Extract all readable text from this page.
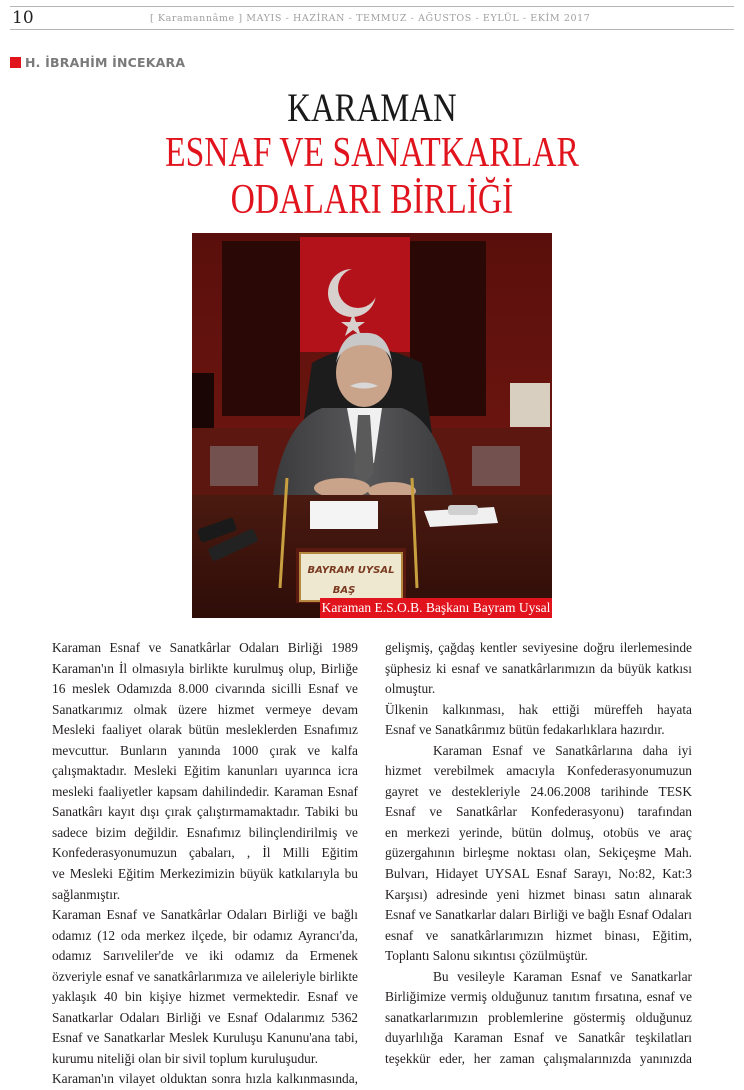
10	[ Karamannâme ] MAYIS - HAZİRAN - TEMMUZ - AĞUSTOS - EYLÜL - EKİM 2017
H. İBRAHİM İNCEKARA
KARAMAN
ESNAF VE SANATKARLAR
ODALARI BİRLİĞİ
BAYRAM UYSAL
BAŞ
Karaman E.S.O.B. Başkanı Bayram Uysal
Karaman Esnaf ve Sanatkârlar Odaları Birliği 1989
Karaman'ın İl olmasıyla birlikte kurulmuş olup, Birliğe
16 meslek Odamızda 8.000 civarında sicilli Esnaf ve
Sanatkarımız olmak üzere hizmet vermeye devam
Mesleki faaliyet olarak bütün mesleklerden Esnafımız
mevcuttur. Bunların yanında 1000 çırak ve kalfa
çalışmaktadır. Mesleki Eğitim kanunları uyarınca icra
mesleki faaliyetler kapsam dahilindedir. Karaman Esnaf
Sanatkârı kayıt dışı çırak çalıştırmamaktadır. Tabiki bu
sadece bizim değildir. Esnafımız bilinçlendirilmiş ve
Konfederasyonumuzun çabaları, , İl Milli Eğitim
ve Mesleki Eğitim Merkezimizin büyük katkılarıyla bu
sağlanmıştır.
Karaman Esnaf ve Sanatkârlar Odaları Birliği ve bağlı
odamız (12 oda merkez ilçede, bir odamız Ayrancı'da,
odamız Sarıveliler'de ve iki odamız da Ermenek
özveriyle esnaf ve sanatkârlarımıza ve aileleriyle birlikte
yaklaşık 40 bin kişiye hizmet vermektedir. Esnaf ve
Sanatkarlar Odaları Birliği ve Esnaf Odalarımız 5362
Esnaf ve Sanatkarlar Meslek Kuruluşu Kanunu'ana tabi,
kurumu niteliği olan bir sivil toplum kuruluşudur.
Karaman'ın vilayet olduktan sonra hızla kalkınmasında,
gelişmiş, çağdaş kentler seviyesine doğru ilerlemesinde
şüphesiz ki esnaf ve sanatkârlarımızın da büyük katkısı
olmuştur.
Ülkenin kalkınması, hak ettiği müreffeh hayata
Esnaf ve Sanatkârımız bütün fedakarlıklara hazırdır.
Karaman Esnaf ve Sanatkârlarına daha iyi
hizmet verebilmek amacıyla Konfederasyonumuzun
gayret ve destekleriyle 24.06.2008 tarihinde TESK
Esnaf ve Sanatkârlar Konfederasyonu) tarafından
en merkezi yerinde, bütün dolmuş, otobüs ve araç
güzergahının birleşme noktası olan, Sekiçeşme Mah.
Bulvarı, Hidayet UYSAL Esnaf Sarayı, No:82, Kat:3
Karşısı) adresinde yeni hizmet binası satın alınarak
Esnaf ve Sanatkarlar daları Birliği ve bağlı Esnaf Odaları
esnaf ve sanatkârlarımızın hizmet binası, Eğitim,
Toplantı Salonu sıkıntısı çözülmüştür.
Bu vesileyle Karaman Esnaf ve Sanatkarlar
Birliğimize vermiş olduğunuz tanıtım fırsatına, esnaf ve
sanatkarlarımızın problemlerine göstermiş olduğunuz
duyarlılığa Karaman Esnaf ve Sanatkâr teşkilatları
teşekkür eder, her zaman çalışmalarınızda yanınızda
